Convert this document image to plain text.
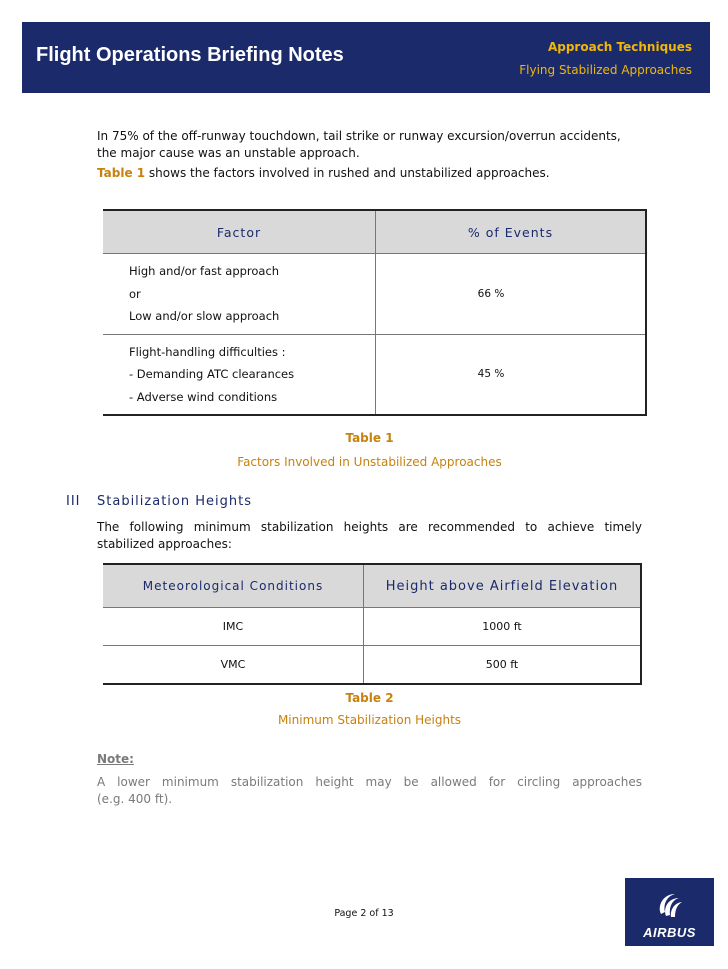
Flight Operations Briefing Notes	Approach Techniques
Flying Stabilized Approaches
In 75% of the off-runway touchdown, tail strike or runway excursion/overrun accidents, the major cause was an unstable approach.
Table 1 shows the factors involved in rushed and unstabilized approaches.
Factor	% of Events

High and/or fast approach
or
Low and/or slow approach	66 %

Flight-handling difficulties :
- Demanding ATC clearances
- Adverse wind conditions	45 %
Table 1
Factors Involved in Unstabilized Approaches
III Stabilization Heights
The following minimum stabilization heights are recommended to achieve timely
stabilized approaches:
Meteorological Conditions	Height above Airfield Elevation
IMC	1000 ft
VMC	500 ft
Table 2
Minimum Stabilization Heights
Note:
A lower minimum stabilization height may be allowed for circling approaches
(e.g. 400 ft).
Page 2 of 13
AIRBUS
